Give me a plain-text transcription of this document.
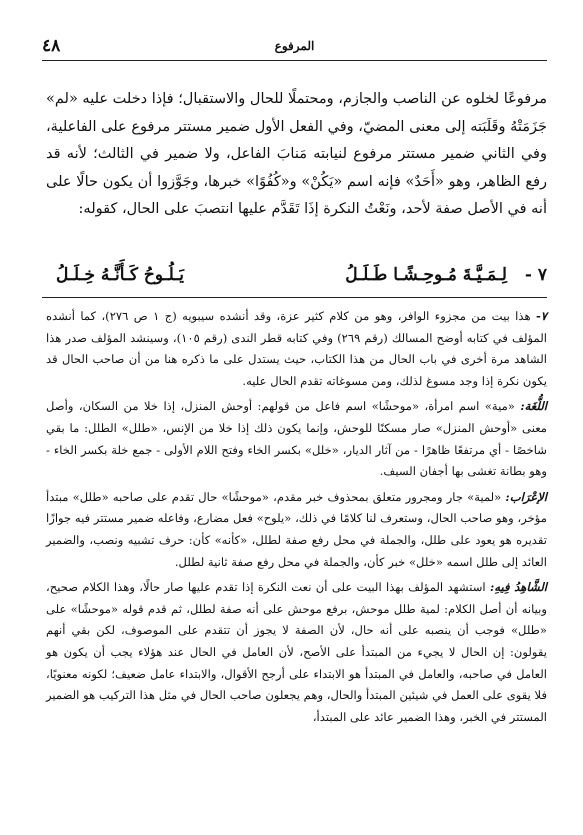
٤٨	المرفوع

مرفوعًا لخلوه عن الناصب والجازم، ومحتملًا للحال والاستقبال؛ فإذا دخلت عليه «لم» جَزَمَتْهُ وقَلَبَته إلى معنى المضيّ، وفي الفعل الأول ضمير مستتر مرفوع على الفاعلية، وفي الثاني ضمير مستتر مرفوع لنيابته مَنابَ الفاعل، ولا ضمير في الثالث؛ لأنه قد رفع الظاهر، وهو «أَحَدٌ» فإنه اسم «يَكُنْ» و«كُفُوًا» خبرها، وجَوَّزوا أن يكون حالًا على أنه في الأصل صفة لأحد، ونَعْتُ النكرة إذَا تَقَدَّم عليها انتصبَ على الحال، كقوله:

٧ -
لِـمَـيَّـةَ مُـوحِـشًـا طَـلَـلُ
يَـلُـوحُ كَـأَنَّـهُ خِـلَـلُ

٧- هذا بيت من مجزوء الوافر، وهو من كلام كثير عزة، وقد أنشده سيبويه (ج ١ ص ٢٧٦)، كما أنشده المؤلف في كتابه أوضح المسالك (رقم ٢٦٩) وفي كتابه قطر الندى (رقم ١٠٥)، وسينشد المؤلف صدر هذا الشاهد مرة أخرى في باب الحال من هذا الكتاب، حيث يستدل على ما ذكره هنا من أن صاحب الحال قد يكون نكرة إذا وجد مسوغ لذلك، ومن مسوغاته تقدم الحال عليه.

اللُّغَة: «مية» اسم امرأة، «موحشًا» اسم فاعل من قولهم: أوحش المنزل، إذا خلا من السكان، وأصل معنى «أوحش المنزل» صار مسكنًا للوحش، وإنما يكون ذلك إذا خلا من الإنس، «طلل» الطلل: ما بقي شاخصًا - أي مرتفعًا ظاهرًا - من آثار الديار، «خلل» بكسر الخاء وفتح اللام الأولى - جمع خلة بكسر الخاء - وهو بطانة تغشى بها أجفان السيف.

الإعْرَاب: «لمية» جار ومجرور متعلق بمحذوف خبر مقدم، «موحشًا» حال تقدم على صاحبه «طلل» مبتدأ مؤخر، وهو صاحب الحال، وستعرف لنا كلامًا في ذلك، «يلوح» فعل مضارع، وفاعله ضمير مستتر فيه جوازًا تقديره هو يعود على طلل، والجملة في محل رفع صفة لطلل، «كأنه» كأن: حرف تشبيه ونصب، والضمير العائد إلى طلل اسمه «خلل» خبر كأن، والجملة في محل رفع صفة ثانية لطلل.

الشَّاهِدُ فِيهِ: استشهد المؤلف بهذا البيت على أن نعت النكرة إذا تقدم عليها صار حالًا، وهذا الكلام صحيح، وبيانه أن أصل الكلام: لمية طلل موحش، برفع موحش على أنه صفة لطلل، ثم قدم قوله «موحشًا» على «طلل» فوجب أن ينصبه على أنه حال، لأن الصفة لا يجوز أن تتقدم على الموصوف، لكن بقي أنهم يقولون: إن الحال لا يجيء من المبتدأ على الأصح، لأن العامل في الحال عند هؤلاء يجب أن يكون هو العامل في صاحبه، والعامل في المبتدأ هو الابتداء على أرجح الأقوال، والابتداء عامل ضعيف؛ لكونه معنويًا، فلا يقوى على العمل في شيئين المبتدأ والحال، وهم يجعلون صاحب الحال في مثل هذا التركيب هو الضمير المستتر في الخبر، وهذا الضمير عائد على المبتدأ،
